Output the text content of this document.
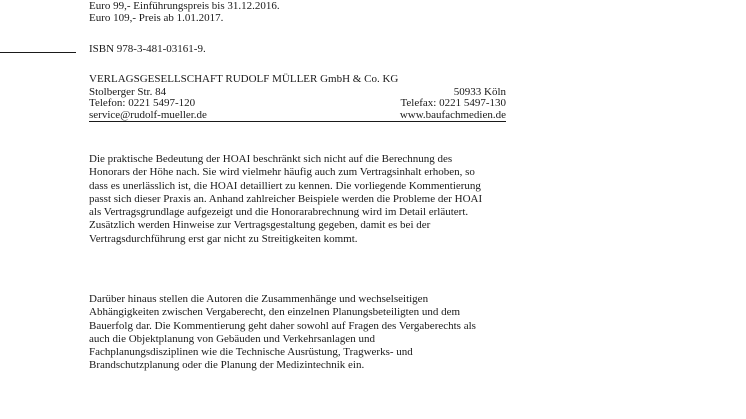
Euro 99,- Einführungspreis bis 31.12.2016.
Euro 109,- Preis ab 1.01.2017.
ISBN 978-3-481-03161-9.
VERLAGSGESELLSCHAFT RUDOLF MÜLLER GmbH & Co. KG
Stolberger Str. 84	50933 Köln
Telefon: 0221 5497-120	Telefax: 0221 5497-130
service@rudolf-mueller.de	www.baufachmedien.de
Die praktische Bedeutung der HOAI beschränkt sich nicht auf die Berechnung des
Honorars der Höhe nach. Sie wird vielmehr häufig auch zum Vertragsinhalt erhoben, so
dass es unerlässlich ist, die HOAI detailliert zu kennen. Die vorliegende Kommentierung
passt sich dieser Praxis an. Anhand zahlreicher Beispiele werden die Probleme der HOAI
als Vertragsgrundlage aufgezeigt und die Honorarabrechnung wird im Detail erläutert.
Zusätzlich werden Hinweise zur Vertragsgestaltung gegeben, damit es bei der
Vertragsdurchführung erst gar nicht zu Streitigkeiten kommt.
Darüber hinaus stellen die Autoren die Zusammenhänge und wechselseitigen
Abhängigkeiten zwischen Vergaberecht, den einzelnen Planungsbeteiligten und dem
Bauerfolg dar. Die Kommentierung geht daher sowohl auf Fragen des Vergaberechts als
auch die Objektplanung von Gebäuden und Verkehrsanlagen und
Fachplanungsdisziplinen wie die Technische Ausrüstung, Tragwerks- und
Brandschutzplanung oder die Planung der Medizintechnik ein.
